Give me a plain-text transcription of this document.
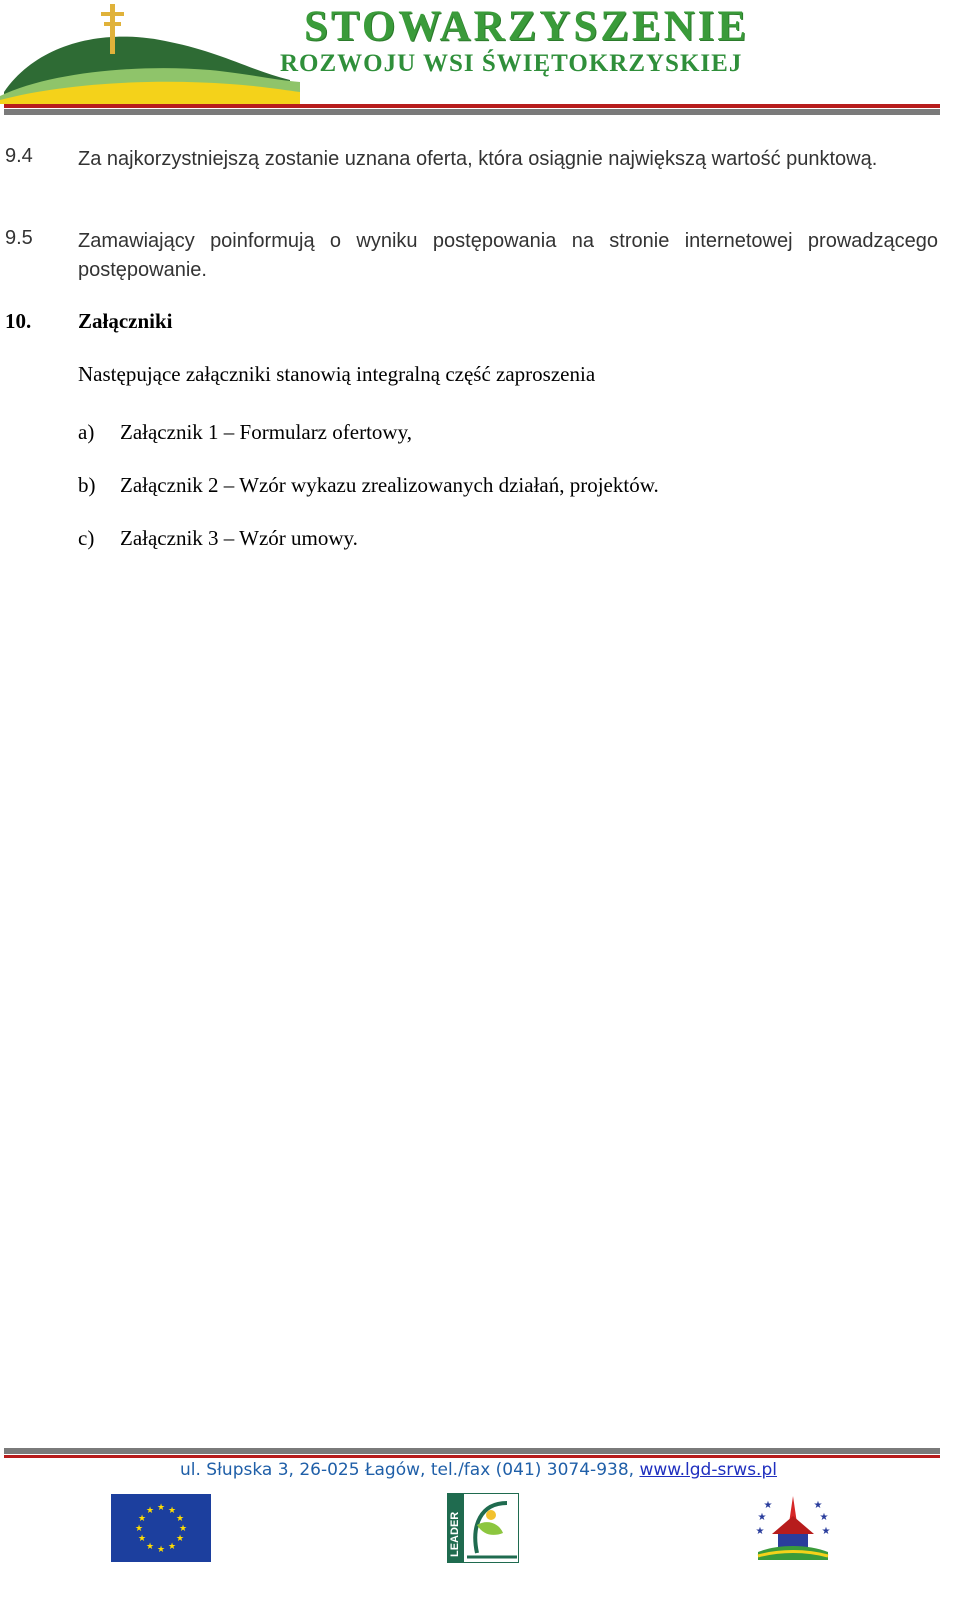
STOWARZYSZENIE
ROZWOJU WSI ŚWIĘTOKRZYSKIEJ
9.4 Za najkorzystniejszą zostanie uznana oferta, która osiągnie największą wartość punktową.
9.5 Zamawiający poinformują o wyniku postępowania na stronie internetowej prowadzącego postępowanie.
10. Załączniki
Następujące załączniki stanowią integralną część zaproszenia
a) Załącznik 1 – Formularz ofertowy,
b) Załącznik 2 – Wzór wykazu zrealizowanych działań, projektów.
c) Załącznik 3 – Wzór umowy.
ul. Słupska 3, 26-025 Łagów, tel./fax (041) 3074-938, www.lgd-srws.pl
★ ★
★
★
★
★
★
★
★
★
★
★
LEADER	★
★
★
★
★
★
